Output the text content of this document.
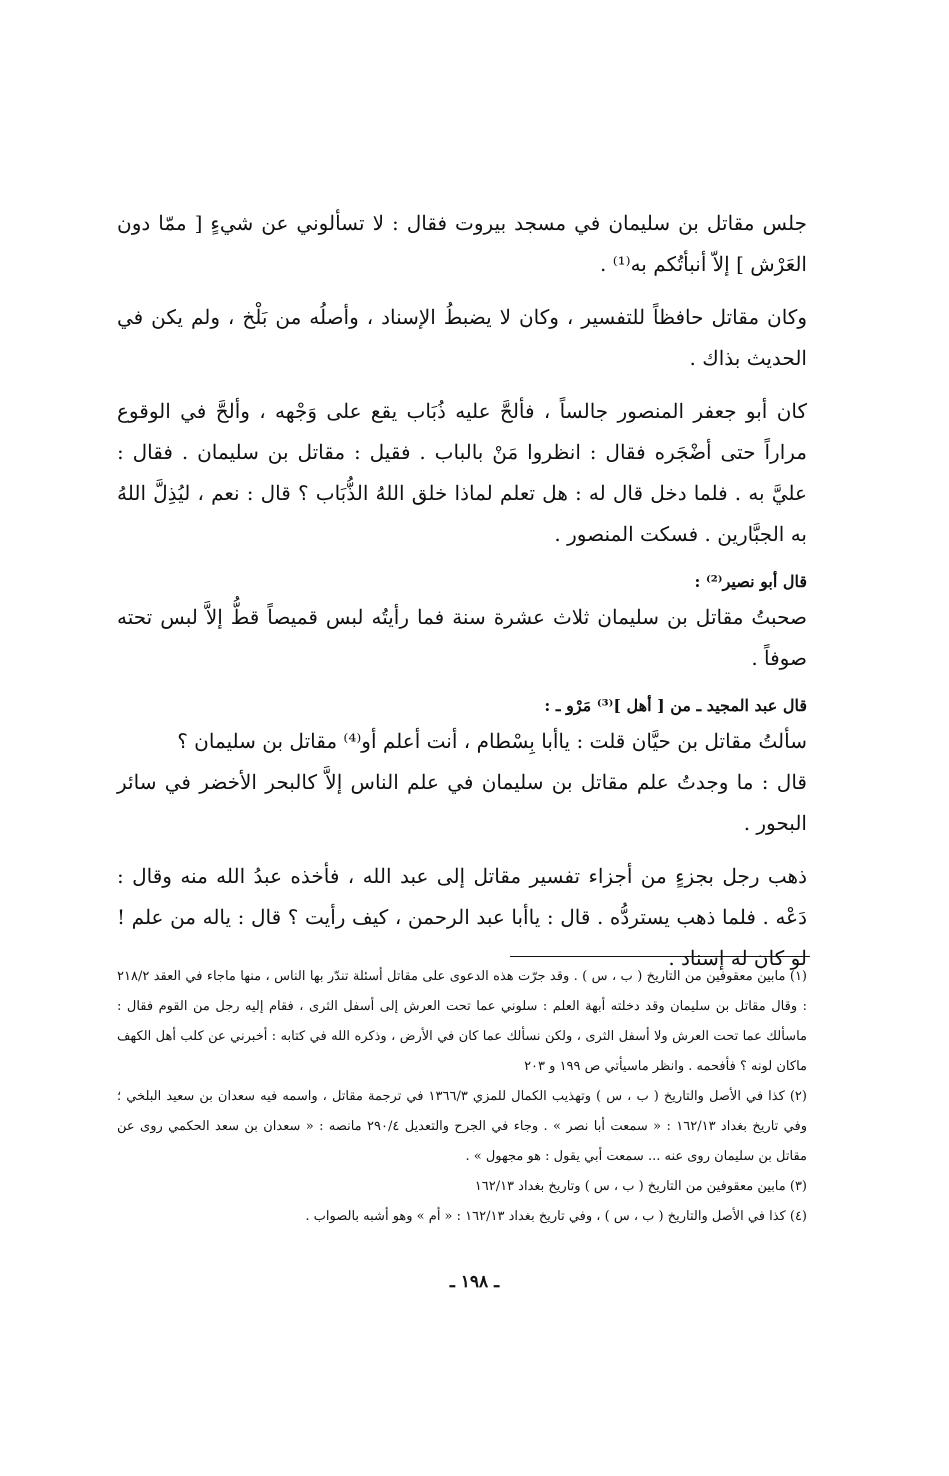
جلس مقاتل بن سليمان في مسجد بيروت فقال : لا تسألوني عن شيءٍ [ ممّا دون العَرْش ] إلاّ أنبأتُكم به⁽¹⁾ .

وكان مقاتل حافظاً للتفسير ، وكان لا يضبطُ الإسناد ، وأصلُه من بَلْخ ، ولم يكن في الحديث بذاك .

كان أبو جعفر المنصور جالساً ، فألحَّ عليه ذُبَاب يقع على وَجْهه ، وألحَّ في الوقوع مراراً حتى أضْجَره فقال : انظروا مَنْ بالباب . فقيل : مقاتل بن سليمان . فقال : عليَّ به . فلما دخل قال له : هل تعلم لماذا خلق اللهُ الذُّبَاب ؟ قال : نعم ، ليُذِلَّ اللهُ به الجبَّارين . فسكت المنصور .

قال أبو نصير⁽²⁾ :

صحبتُ مقاتل بن سليمان ثلاث عشرة سنة فما رأيتُه لبس قميصاً قطُّ إلاَّ لبس تحته صوفاً .

قال عبد المجيد ـ من [ أهل ]⁽³⁾ مَرْو ـ :

سألتُ مقاتل بن حيَّان قلت : ياأبا بِسْطام ، أنت أعلم أو⁽⁴⁾ مقاتل بن سليمان ؟

قال : ما وجدتُ علم مقاتل بن سليمان في علم الناس إلاَّ كالبحر الأخضر في سائر البحور .

ذهب رجل بجزءٍ من أجزاء تفسير مقاتل إلى عبد الله ، فأخذه عبدُ الله منه وقال : دَعْه . فلما ذهب يستردُّه . قال : ياأبا عبد الرحمن ، كيف رأيت ؟ قال : ياله من علم ! لو كان له إسناد .

(١) مابين معقوفين من التاريخ ( ب ، س ) . وقد جرّت هذه الدعوى على مقاتل أسئلة تندّر بها الناس ، منها ماجاء في العقد ٢١٨/٢ : وقال مقاتل بن سليمان وقد دخلته أبهة العلم : سلوني عما تحت العرش إلى أسفل الثرى ، فقام إليه رجل من القوم فقال : ماسألك عما تحت العرش ولا أسفل الثرى ، ولكن نسألك عما كان في الأرض ، وذكره الله في كتابه : أخبرني عن كلب أهل الكهف ماكان لونه ؟ فأفحمه . وانظر ماسيأتي ص ١٩٩ و ٢٠٣

(٢) كذا في الأصل والتاريخ ( ب ، س ) وتهذيب الكمال للمزي ١٣٦٦/٣ في ترجمة مقاتل ، واسمه فيه سعدان بن سعيد البلخي ؛ وفي تاريخ بغداد ١٦٢/١٣ : « سمعت أبا نصر » . وجاء في الجرح والتعديل ٢٩٠/٤ مانصه : « سعدان بن سعد الحكمي روى عن مقاتل بن سليمان روى عنه ... سمعت أبي يقول : هو مجهول » .

(٣) مابين معقوفين من التاريخ ( ب ، س ) وتاريخ بغداد ١٦٢/١٣

(٤) كذا في الأصل والتاريخ ( ب ، س ) ، وفي تاريخ بغداد ١٦٢/١٣ : « أم » وهو أشبه بالصواب .

ـ ١٩٨ ـ
